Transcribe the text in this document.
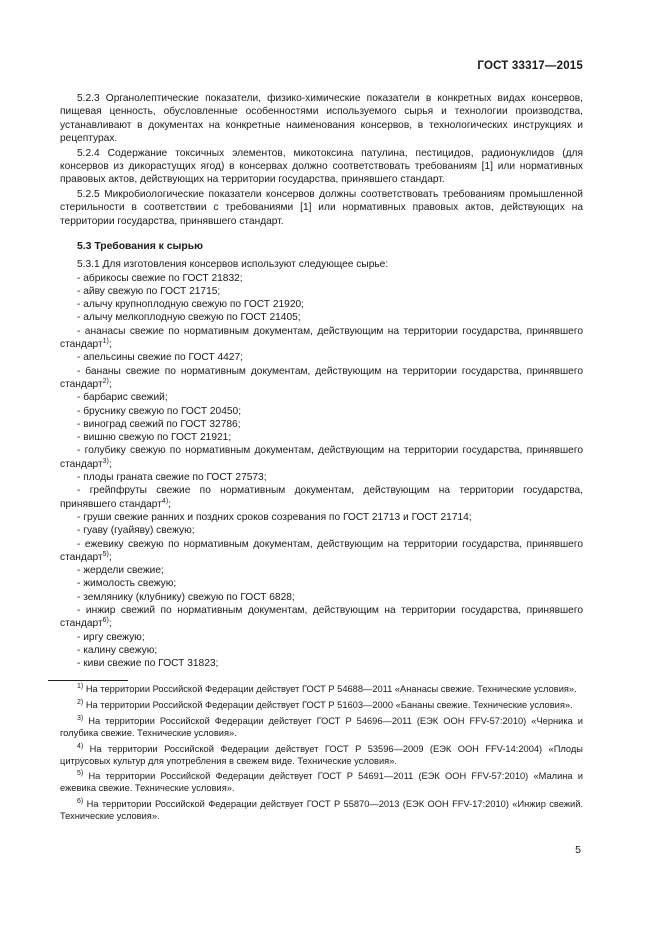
ГОСТ 33317—2015

5.2.3 Органолептические показатели, физико-химические показатели в конкретных видах консервов, пищевая ценность, обусловленные особенностями используемого сырья и технологии производства, устанавливают в документах на конкретные наименования консервов, в технологических инструкциях и рецептурах.

5.2.4 Содержание токсичных элементов, микотоксина патулина, пестицидов, радионуклидов (для консервов из дикорастущих ягод) в консервах должно соответствовать требованиям [1] или нормативных правовых актов, действующих на территории государства, принявшего стандарт.

5.2.5 Микробиологические показатели консервов должны соответствовать требованиям промышленной стерильности в соответствии с требованиями [1] или нормативных правовых актов, действующих на территории государства, принявшего стандарт.

5.3 Требования к сырью

5.3.1 Для изготовления консервов используют следующее сырье:

- абрикосы свежие по ГОСТ 21832;

- айву свежую по ГОСТ 21715;

- алычу крупноплодную свежую по ГОСТ 21920;

- алычу мелкоплодную свежую по ГОСТ 21405;

- ананасы свежие по нормативным документам, действующим на территории государства, принявшего стандарт$^{1)}$;

- апельсины свежие по ГОСТ 4427;

- бананы свежие по нормативным документам, действующим на территории государства, принявшего стандарт$^{2)}$;

- барбарис свежий;

- бруснику свежую по ГОСТ 20450;

- виноград свежий по ГОСТ 32786;

- вишню свежую по ГОСТ 21921;

- голубику свежую по нормативным документам, действующим на территории государства, принявшего стандарт$^{3)}$;

- плоды граната свежие по ГОСТ 27573;

- грейпфруты свежие по нормативным документам, действующим на территории государства, принявшего стандарт$^{4)}$;

- груши свежие ранних и поздних сроков созревания по ГОСТ 21713 и ГОСТ 21714;

- гуаву (гуайяву) свежую;

- ежевику свежую по нормативным документам, действующим на территории государства, принявшего стандарт$^{5)}$;

- жердели свежие;

- жимолость свежую;

- землянику (клубнику) свежую по ГОСТ 6828;

- инжир свежий по нормативным документам, действующим на территории государства, принявшего стандарт$^{6)}$;

- иргу свежую;

- калину свежую;

- киви свежие по ГОСТ 31823;

$^{1)}$ На территории Российской Федерации действует ГОСТ Р 54688—2011 «Ананасы свежие. Технические условия».

$^{2)}$ На территории Российской Федерации действует ГОСТ Р 51603—2000 «Бананы свежие. Технические условия».

$^{3)}$ На территории Российской Федерации действует ГОСТ Р 54696—2011 (ЕЭК ООН FFV-57:2010) «Черника и голубика свежие. Технические условия».

$^{4)}$ На территории Российской Федерации действует ГОСТ Р 53596—2009 (ЕЭК ООН FFV-14:2004) «Плоды цитрусовых культур для употребления в свежем виде. Технические условия».

$^{5)}$ На территории Российской Федерации действует ГОСТ Р 54691—2011 (ЕЭК ООН FFV-57:2010) «Малина и ежевика свежие. Технические условия».

$^{6)}$ На территории Российской Федерации действует ГОСТ Р 55870—2013 (ЕЭК ООН FFV-17:2010) «Инжир свежий. Технические условия».

5
